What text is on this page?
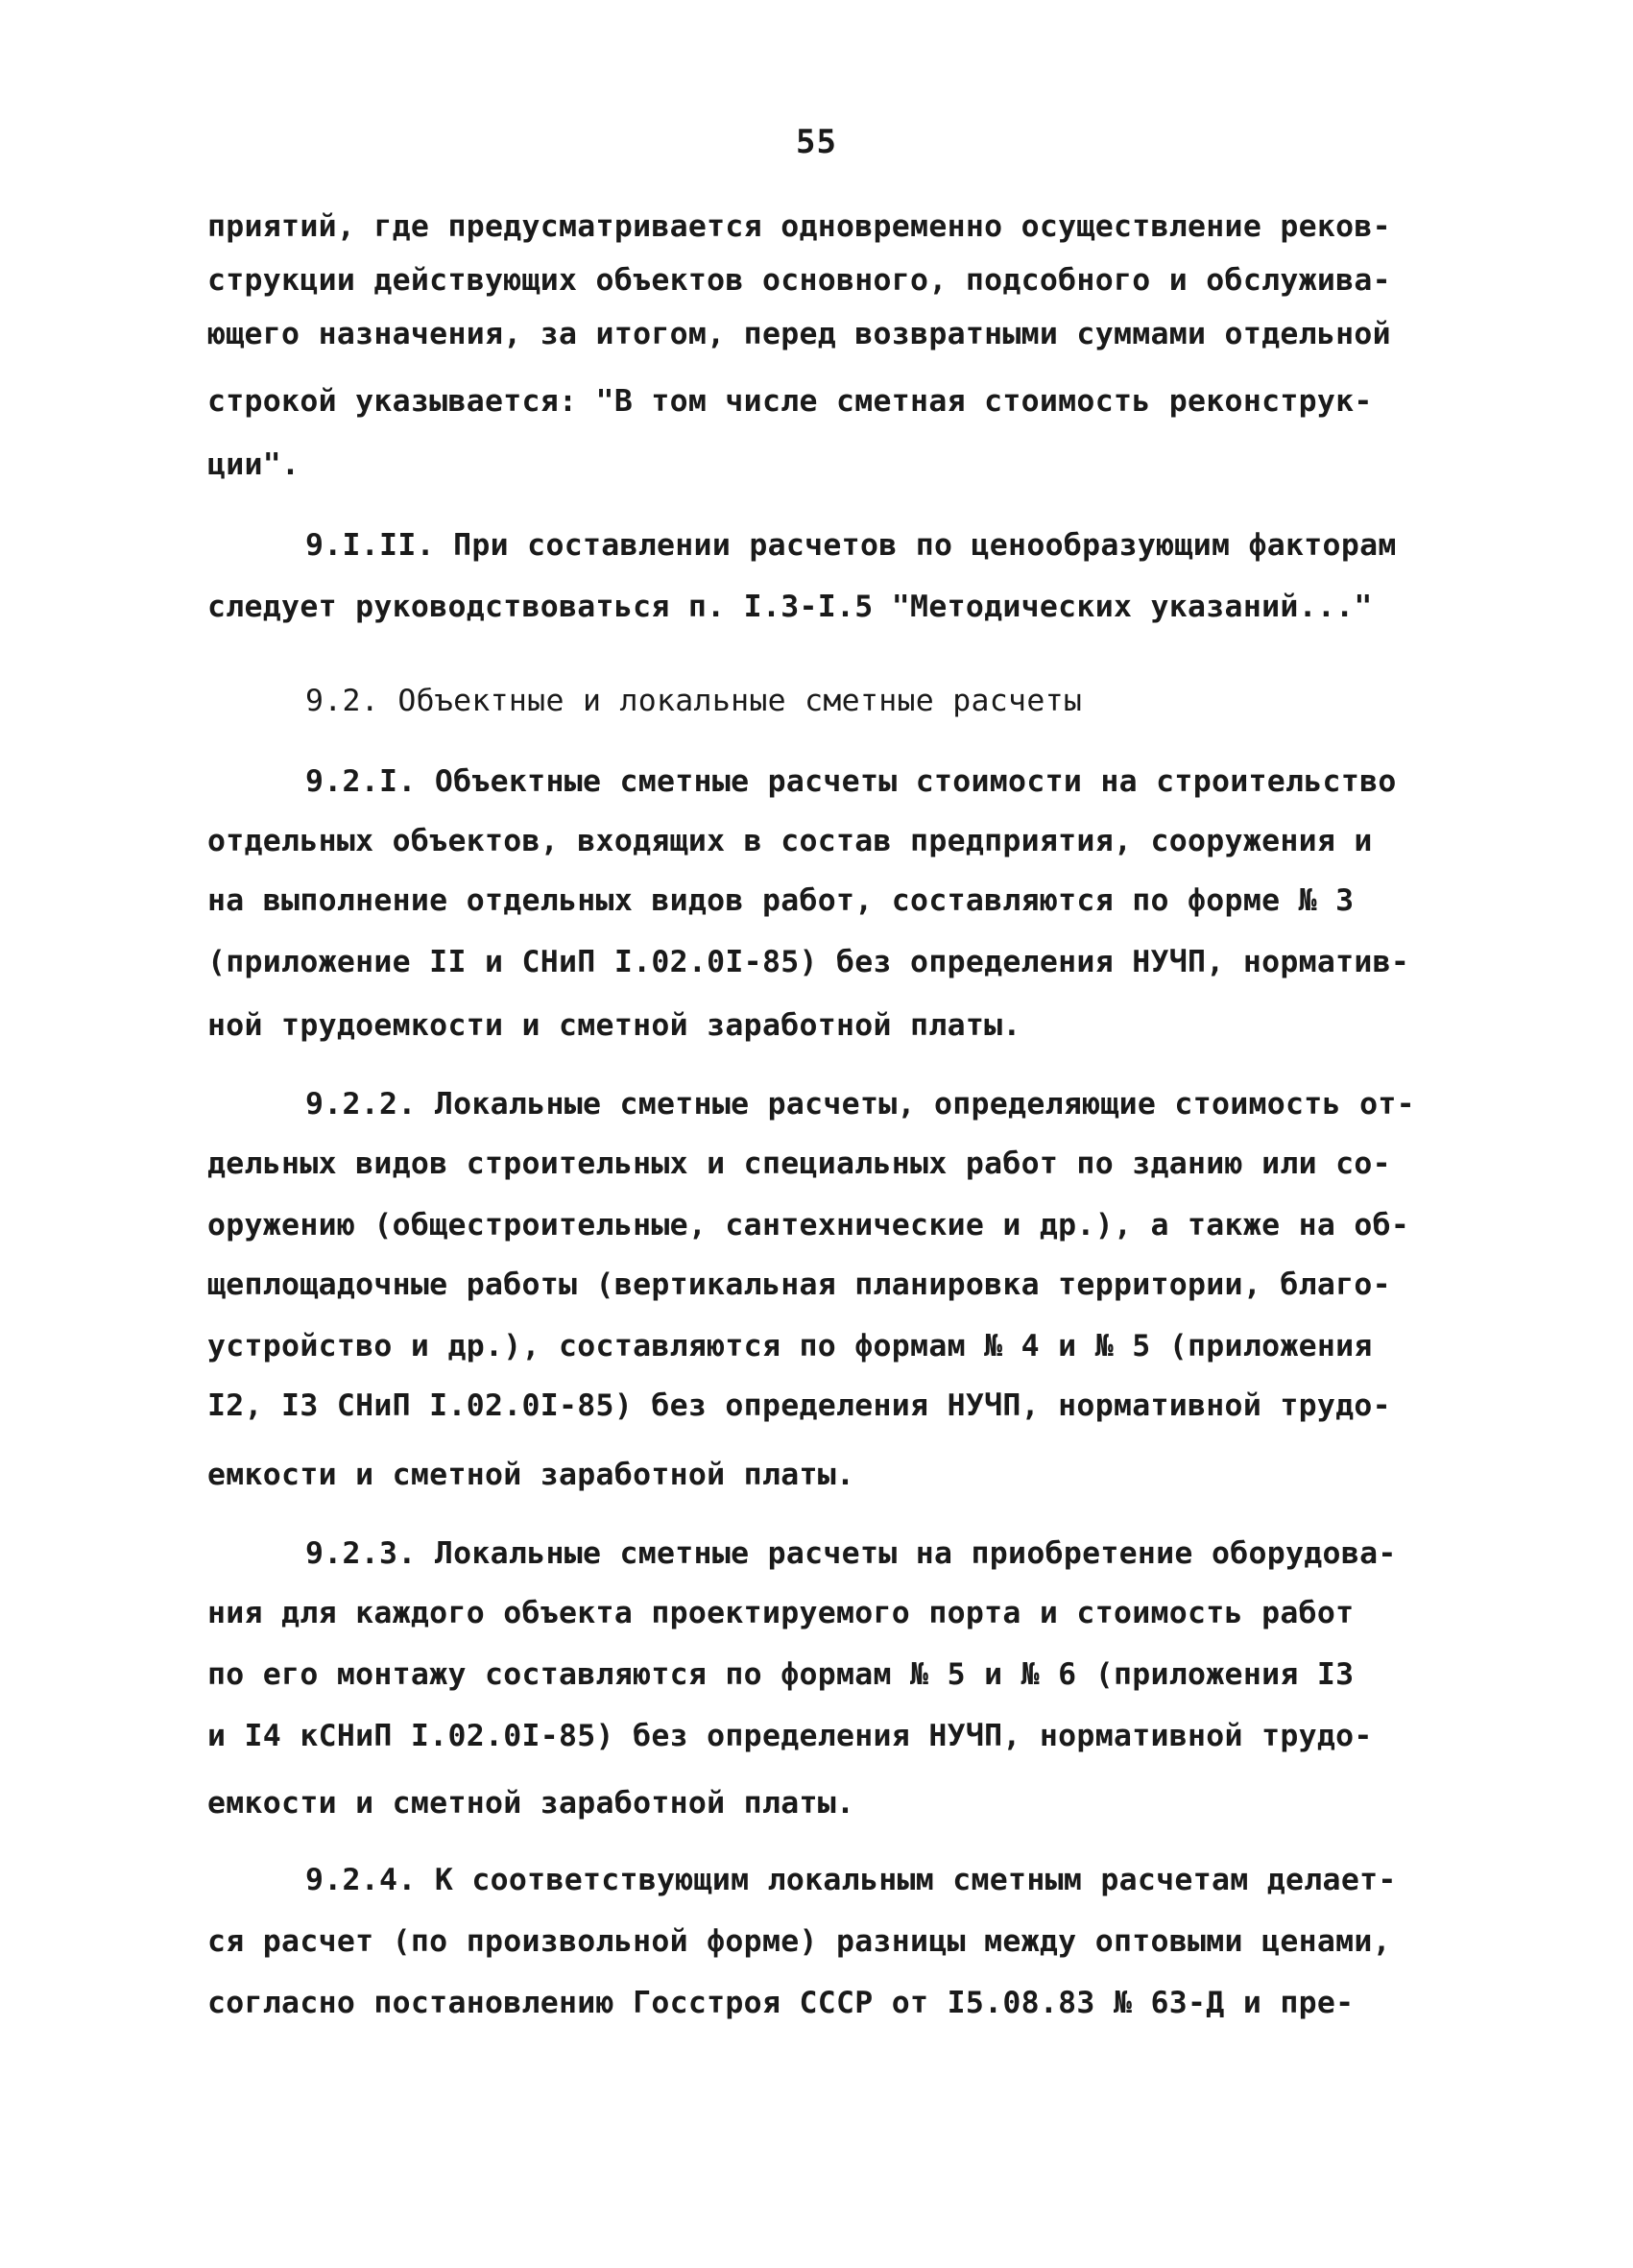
55

приятий, где предусматривается одновременно осуществление реков-

струкции действующих объектов основного, подсобного и обслужива-

ющего назначения, за итогом, перед возвратными суммами отдельной

строкой указывается: "В том числе сметная стоимость реконструк-

ции".

9.I.II. При составлении расчетов по ценообразующим факторам

следует руководствоваться п. I.3-I.5 "Методических указаний..."

9.2. Объектные и локальные сметные расчеты

9.2.I. Объектные сметные расчеты стоимости на строительство

отдельных объектов, входящих в состав предприятия, сооружения и

на выполнение отдельных видов работ, составляются по форме № 3

(приложение II и СНиП I.02.0I-85) без определения НУЧП, норматив-

ной трудоемкости и сметной заработной платы.

9.2.2. Локальные сметные расчеты, определяющие стоимость от-

дельных видов строительных и специальных работ по зданию или со-

оружению (общестроительные, сантехнические и др.), а также на об-

щеплощадочные работы (вертикальная планировка территории, благо-

устройство и др.), составляются по формам № 4 и № 5 (приложения

I2, I3 СНиП I.02.0I-85) без определения НУЧП, нормативной трудо-

емкости и сметной заработной платы.

9.2.3. Локальные сметные расчеты на приобретение оборудова-

ния для каждого объекта проектируемого порта и стоимость работ

по его монтажу составляются по формам № 5 и № 6 (приложения I3

и I4 кСНиП I.02.0I-85) без определения НУЧП, нормативной трудо-

емкости и сметной заработной платы.

9.2.4. К соответствующим локальным сметным расчетам делает-

ся расчет (по произвольной форме) разницы между оптовыми ценами,

согласно постановлению Госстроя СССР от I5.08.83 № 63-Д и пре-
